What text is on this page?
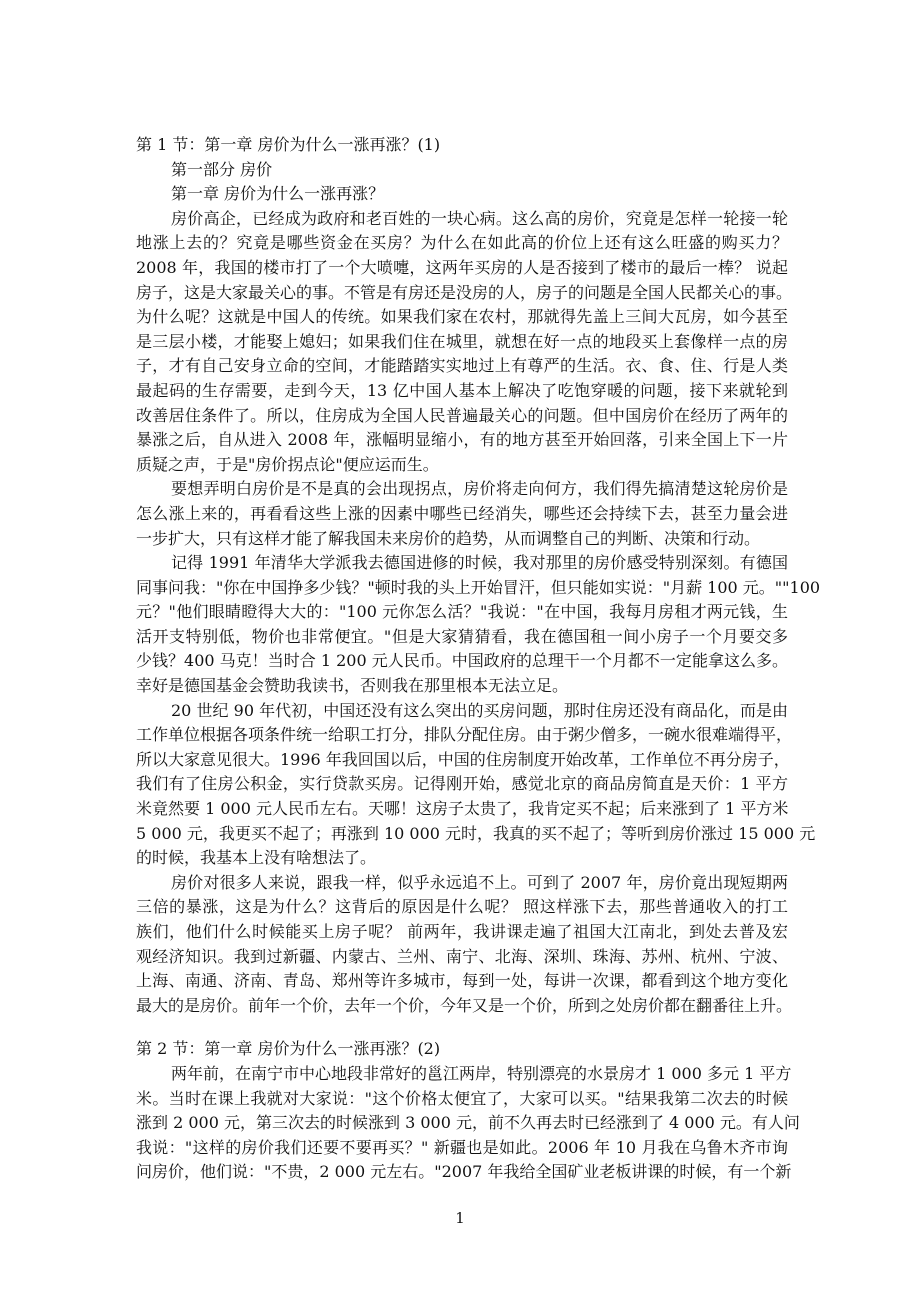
第 1 节：第一章 房价为什么一涨再涨？(1)
第一部分 房价
第一章 房价为什么一涨再涨？
房价高企，已经成为政府和老百姓的一块心病。这么高的房价，究竟是怎样一轮接一轮
地涨上去的？究竟是哪些资金在买房？为什么在如此高的价位上还有这么旺盛的购买力？
2008 年，我国的楼市打了一个大喷嚏，这两年买房的人是否接到了楼市的最后一棒？ 说起
房子，这是大家最关心的事。不管是有房还是没房的人，房子的问题是全国人民都关心的事。
为什么呢？这就是中国人的传统。如果我们家在农村，那就得先盖上三间大瓦房，如今甚至
是三层小楼，才能娶上媳妇；如果我们住在城里，就想在好一点的地段买上套像样一点的房
子，才有自己安身立命的空间，才能踏踏实实地过上有尊严的生活。衣、食、住、行是人类
最起码的生存需要，走到今天，13 亿中国人基本上解决了吃饱穿暖的问题，接下来就轮到
改善居住条件了。所以，住房成为全国人民普遍最关心的问题。但中国房价在经历了两年的
暴涨之后，自从进入 2008 年，涨幅明显缩小，有的地方甚至开始回落，引来全国上下一片
质疑之声，于是"房价拐点论"便应运而生。
要想弄明白房价是不是真的会出现拐点，房价将走向何方，我们得先搞清楚这轮房价是
怎么涨上来的，再看看这些上涨的因素中哪些已经消失，哪些还会持续下去，甚至力量会进
一步扩大，只有这样才能了解我国未来房价的趋势，从而调整自己的判断、决策和行动。
记得 1991 年清华大学派我去德国进修的时候，我对那里的房价感受特别深刻。有德国
同事问我："你在中国挣多少钱？"顿时我的头上开始冒汗，但只能如实说："月薪 100 元。""100
元？"他们眼睛瞪得大大的："100 元你怎么活？"我说："在中国，我每月房租才两元钱，生
活开支特别低，物价也非常便宜。"但是大家猜猜看，我在德国租一间小房子一个月要交多
少钱？400 马克！当时合 1 200 元人民币。中国政府的总理干一个月都不一定能拿这么多。
幸好是德国基金会赞助我读书，否则我在那里根本无法立足。
20 世纪 90 年代初，中国还没有这么突出的买房问题，那时住房还没有商品化，而是由
工作单位根据各项条件统一给职工打分，排队分配住房。由于粥少僧多，一碗水很难端得平，
所以大家意见很大。1996 年我回国以后，中国的住房制度开始改革，工作单位不再分房子，
我们有了住房公积金，实行贷款买房。记得刚开始，感觉北京的商品房简直是天价：1 平方
米竟然要 1 000 元人民币左右。天哪！这房子太贵了，我肯定买不起；后来涨到了 1 平方米
5 000 元，我更买不起了；再涨到 10 000 元时，我真的买不起了；等听到房价涨过 15 000 元
的时候，我基本上没有啥想法了。
房价对很多人来说，跟我一样，似乎永远追不上。可到了 2007 年，房价竟出现短期两
三倍的暴涨，这是为什么？这背后的原因是什么呢？ 照这样涨下去，那些普通收入的打工
族们，他们什么时候能买上房子呢？ 前两年，我讲课走遍了祖国大江南北，到处去普及宏
观经济知识。我到过新疆、内蒙古、兰州、南宁、北海、深圳、珠海、苏州、杭州、宁波、
上海、南通、济南、青岛、郑州等许多城市，每到一处，每讲一次课，都看到这个地方变化
最大的是房价。前年一个价，去年一个价，今年又是一个价，所到之处房价都在翻番往上升。
第 2 节：第一章 房价为什么一涨再涨？(2)
两年前，在南宁市中心地段非常好的邕江两岸，特别漂亮的水景房才 1 000 多元 1 平方
米。当时在课上我就对大家说："这个价格太便宜了，大家可以买。"结果我第二次去的时候
涨到 2 000 元，第三次去的时候涨到 3 000 元，前不久再去时已经涨到了 4 000 元。有人问
我说："这样的房价我们还要不要再买？" 新疆也是如此。2006 年 10 月我在乌鲁木齐市询
问房价，他们说："不贵，2 000 元左右。"2007 年我给全国矿业老板讲课的时候，有一个新
1
